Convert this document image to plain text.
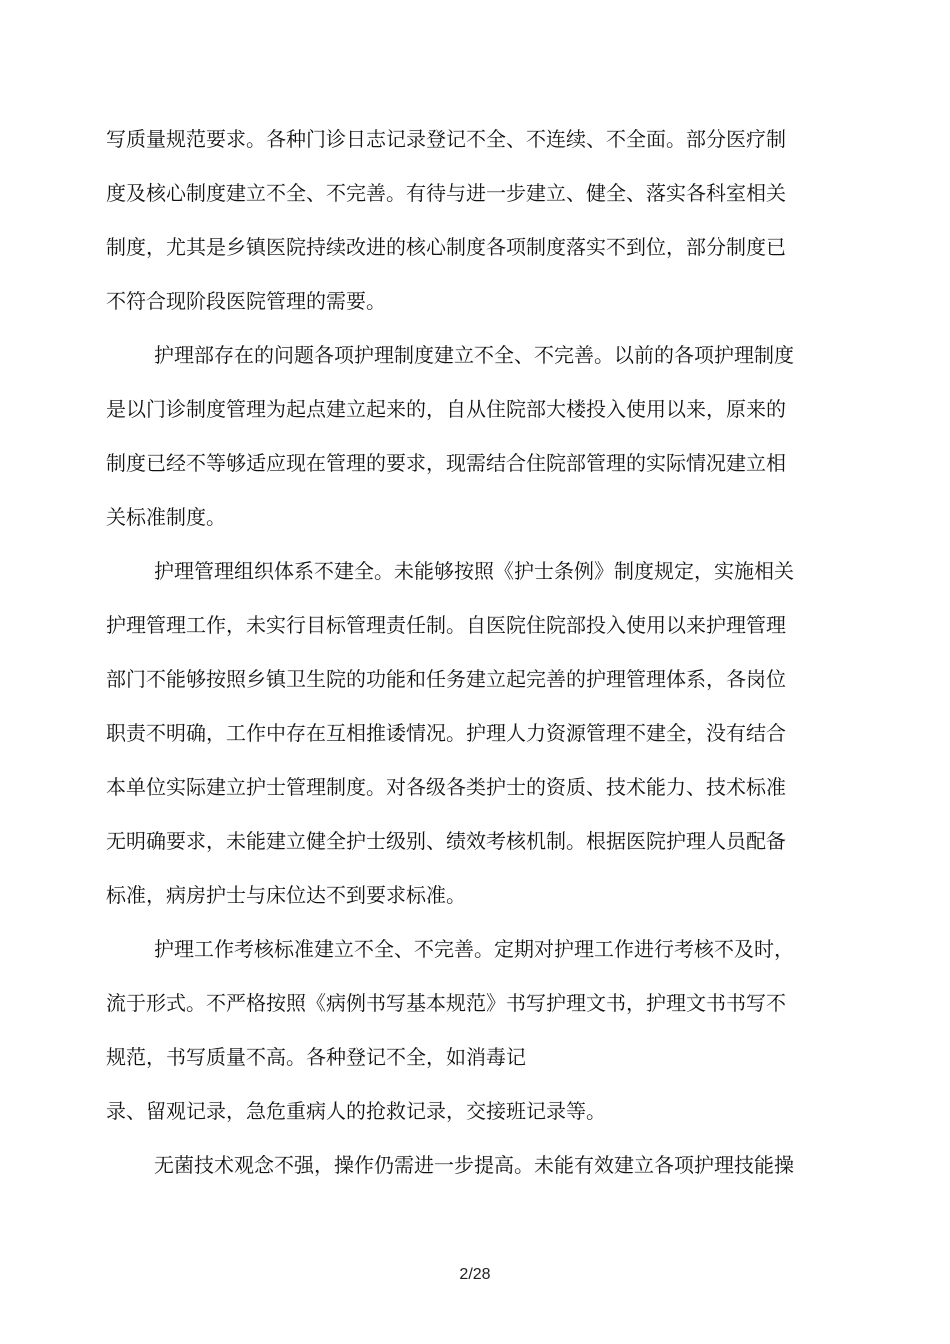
写质量规范要求。各种门诊日志记录登记不全、不连续、不全面。部分医疗制
度及核心制度建立不全、不完善。有待与进一步建立、健全、落实各科室相关
制度，尤其是乡镇医院持续改进的核心制度各项制度落实不到位，部分制度已
不符合现阶段医院管理的需要。
护理部存在的问题各项护理制度建立不全、不完善。以前的各项护理制度
是以门诊制度管理为起点建立起来的，自从住院部大楼投入使用以来，原来的
制度已经不等够适应现在管理的要求，现需结合住院部管理的实际情况建立相
关标准制度。
护理管理组织体系不建全。未能够按照《护士条例》制度规定，实施相关
护理管理工作，未实行目标管理责任制。自医院住院部投入使用以来护理管理
部门不能够按照乡镇卫生院的功能和任务建立起完善的护理管理体系，各岗位
职责不明确，工作中存在互相推诿情况。护理人力资源管理不建全，没有结合
本单位实际建立护士管理制度。对各级各类护士的资质、技术能力、技术标准
无明确要求，未能建立健全护士级别、绩效考核机制。根据医院护理人员配备
标准，病房护士与床位达不到要求标准。
护理工作考核标准建立不全、不完善。定期对护理工作进行考核不及时，
流于形式。不严格按照《病例书写基本规范》书写护理文书，护理文书书写不
规范，书写质量不高。各种登记不全，如消毒记
录、留观记录，急危重病人的抢救记录，交接班记录等。
无菌技术观念不强，操作仍需进一步提高。未能有效建立各项护理技能操
2/28
